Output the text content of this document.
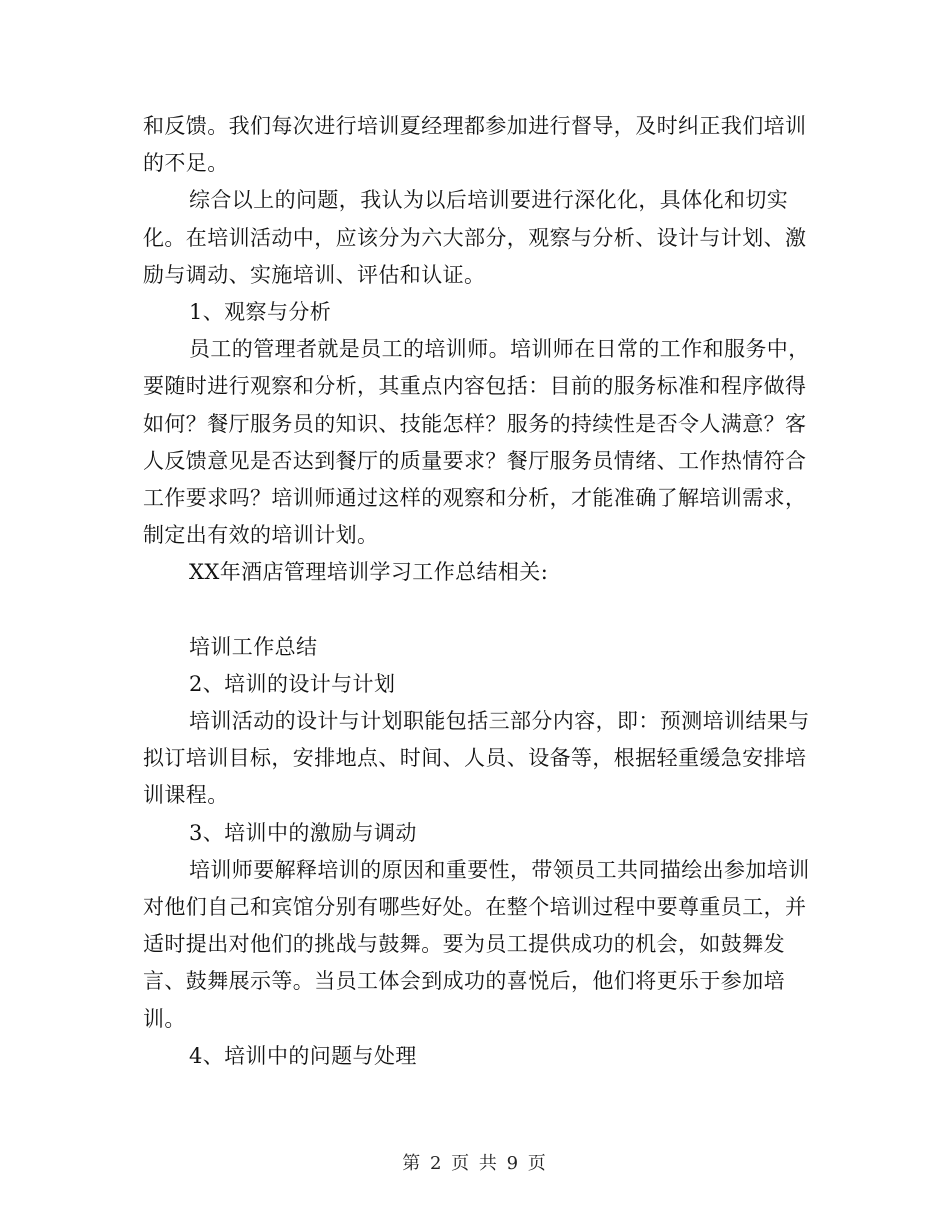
和反馈。我们每次进行培训夏经理都参加进行督导，及时纠正我们培训的不足。

综合以上的问题，我认为以后培训要进行深化化，具体化和切实化。在培训活动中，应该分为六大部分，观察与分析、设计与计划、激励与调动、实施培训、评估和认证。

1、观察与分析

员工的管理者就是员工的培训师。培训师在日常的工作和服务中，要随时进行观察和分析，其重点内容包括：目前的服务标准和程序做得如何？餐厅服务员的知识、技能怎样？服务的持续性是否令人满意？客人反馈意见是否达到餐厅的质量要求？餐厅服务员情绪、工作热情符合工作要求吗？培训师通过这样的观察和分析，才能准确了解培训需求，制定出有效的培训计划。

XX年酒店管理培训学习工作总结相关:

培训工作总结

2、培训的设计与计划

培训活动的设计与计划职能包括三部分内容，即：预测培训结果与拟订培训目标，安排地点、时间、人员、设备等，根据轻重缓急安排培训课程。

3、培训中的激励与调动

培训师要解释培训的原因和重要性，带领员工共同描绘出参加培训对他们自己和宾馆分别有哪些好处。在整个培训过程中要尊重员工，并适时提出对他们的挑战与鼓舞。要为员工提供成功的机会，如鼓舞发言、鼓舞展示等。当员工体会到成功的喜悦后，他们将更乐于参加培训。

4、培训中的问题与处理

第 2 页 共 9 页
